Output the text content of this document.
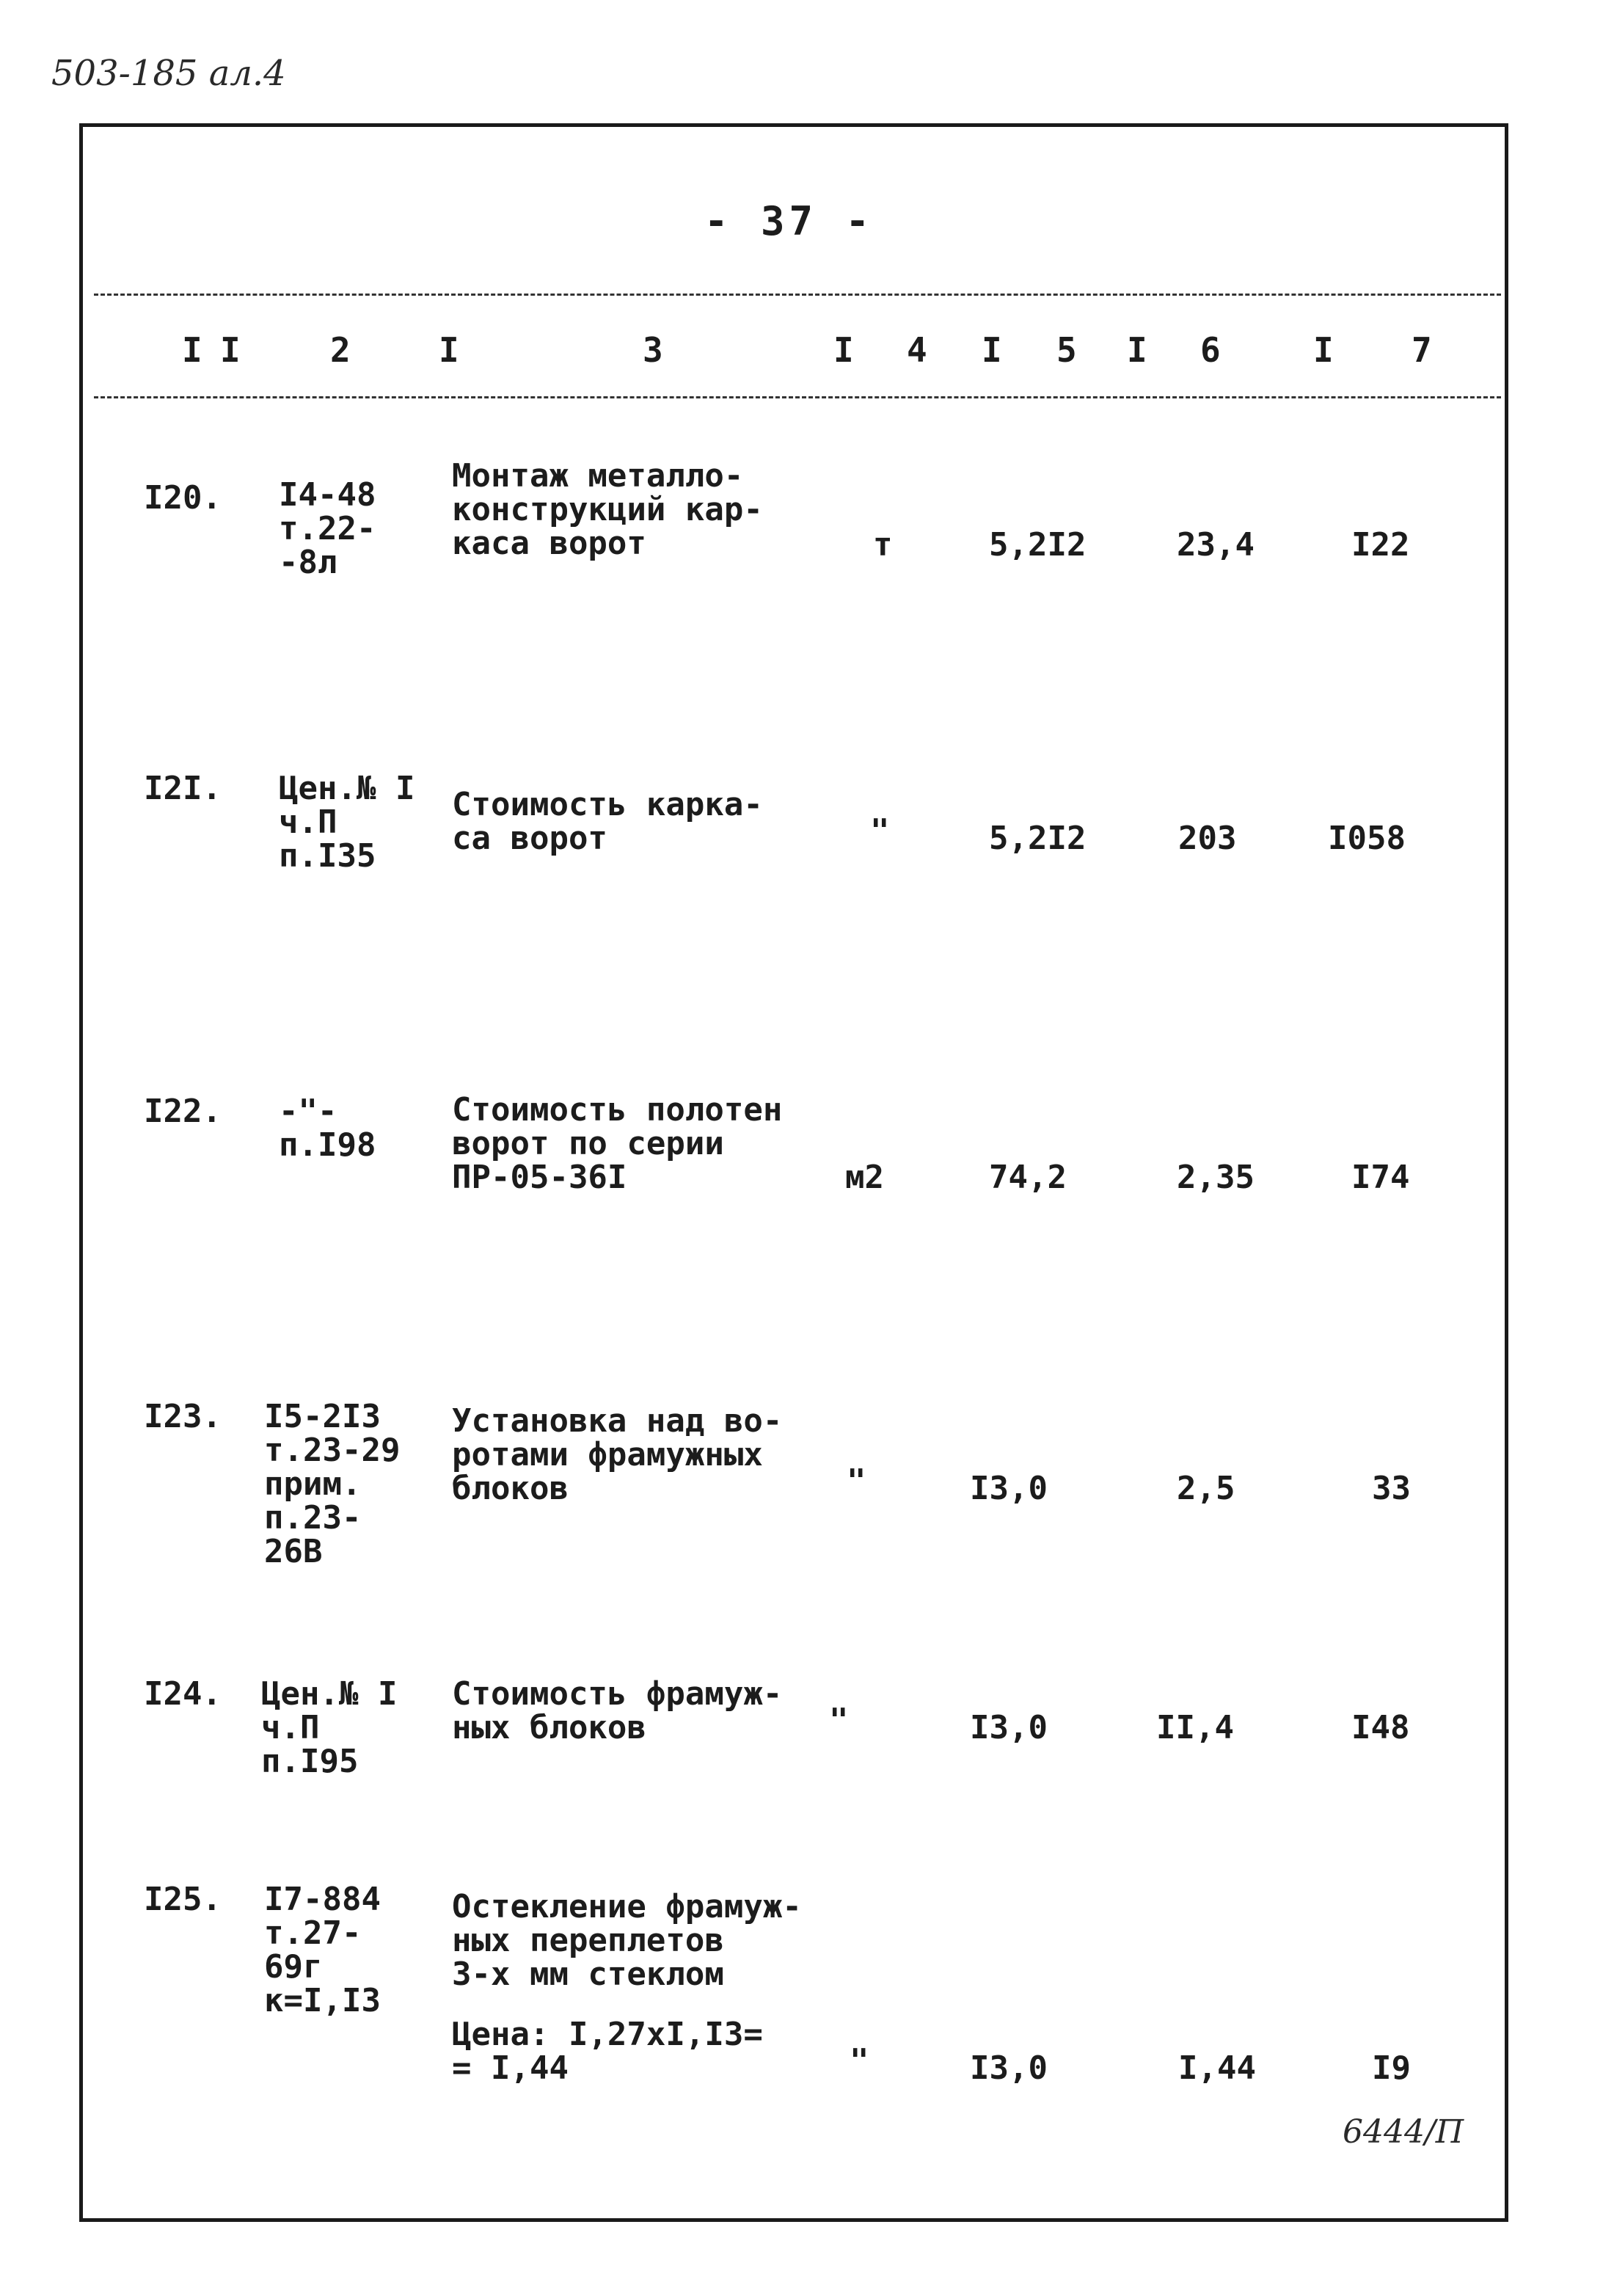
503-185 ал.4
- 37 -
I I	2	I	3	I 4 I 5 I 6	I 7
I20. I4-48
т.22-
-8л
Монтаж металло-
конструкций кар-
каса ворот	т	5,2I2	23,4	I22
I2I. Цен.№ I
ч.П
п.I35
Стоимость карка-
са ворот	"	5,2I2	203	I058
I22. -"-
п.I98
Стоимость полотен
ворот по серии
ПР-05-36I	м2	74,2	2,35	I74
I23. I5-2I3
т.23-29
прим.
п.23-
26В
Установка над во-
ротами фрамужных
блоков	"	I3,0	2,5	33
I24. Цен.№ I
ч.П
п.I95
Стоимость фрамуж-
ных блоков	"	I3,0	II,4	I48
I25. I7-884
т.27-
69г
к=I,I3
Остекление фрамуж-
ных переплетов
3-х мм стеклом
Цена: I,27хI,I3=
= I,44	"	I3,0	I,44	I9
6444/П
